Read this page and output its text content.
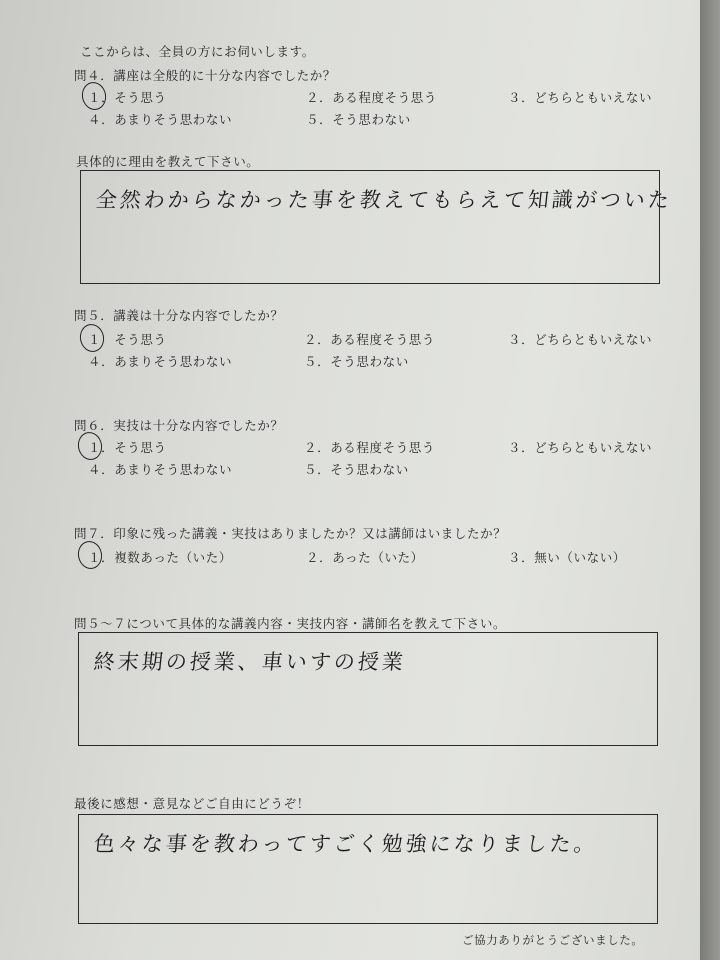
ここからは、全員の方にお伺いします。
問４．講座は全般的に十分な内容でしたか？
１．そう思う	２．ある程度そう思う	３．どちらともいえない
４．あまりそう思わない	５．そう思わない
具体的に理由を教えて下さい。
全然わからなかった事を教えてもらえて知識がついた
問５．講義は十分な内容でしたか？
１　そう思う	２．ある程度そう思う	３．どちらともいえない
４．あまりそう思わない	５．そう思わない
問６．実技は十分な内容でしたか？
１．そう思う	２．ある程度そう思う	３．どちらともいえない
４．あまりそう思わない	５．そう思わない
問７．印象に残った講義・実技はありましたか？又は講師はいましたか？
１．複数あった（いた）	２．あった（いた）	３．無い（いない）
問５～７について具体的な講義内容・実技内容・講師名を教えて下さい。
終末期の授業、車いすの授業
最後に感想・意見などご自由にどうぞ！
色々な事を教わってすごく勉強になりました。
ご協力ありがとうございました。
